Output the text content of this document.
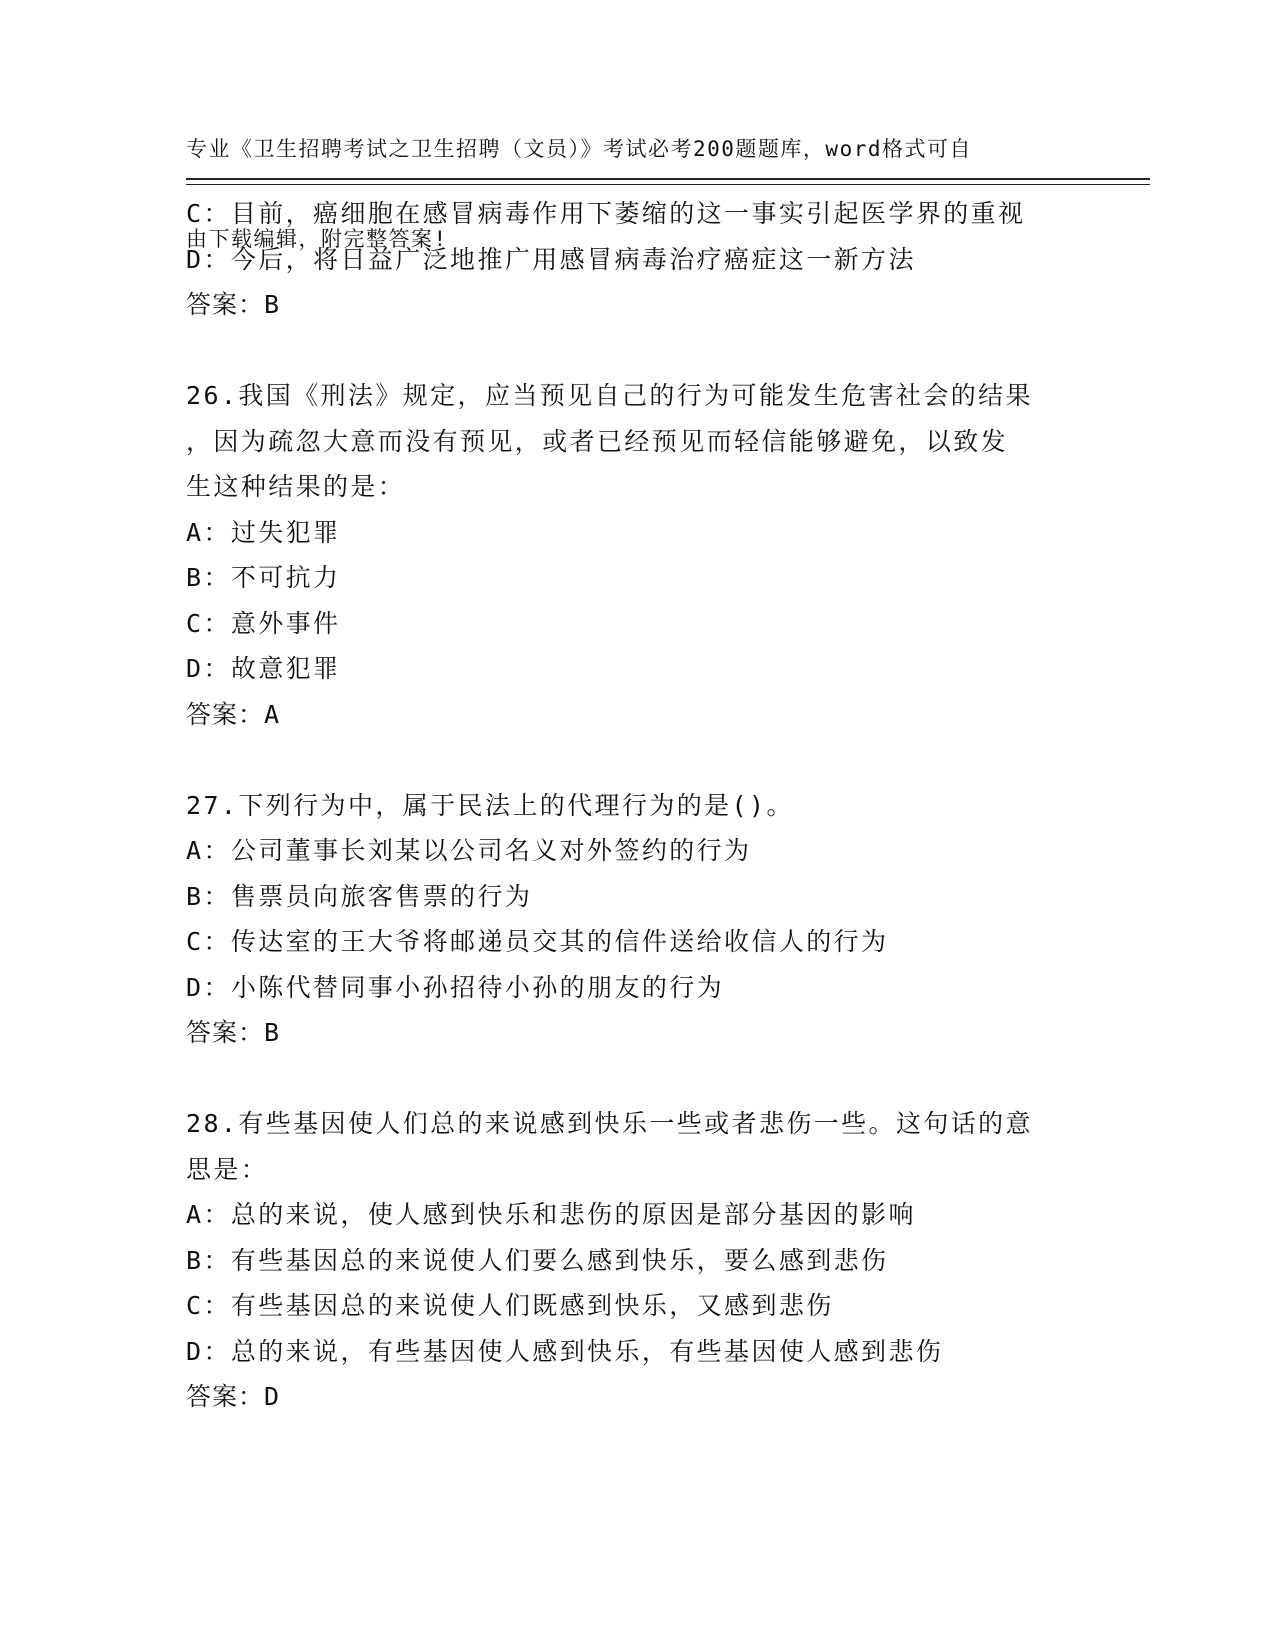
专业《卫生招聘考试之卫生招聘（文员）》考试必考200题题库，word格式可自

由下载编辑，附完整答案!

C：目前，癌细胞在感冒病毒作用下萎缩的这一事实引起医学界的重视
D：今后，将日益广泛地推广用感冒病毒治疗癌症这一新方法
答案：B
26.我国《刑法》规定，应当预见自己的行为可能发生危害社会的结果
，因为疏忽大意而没有预见，或者已经预见而轻信能够避免，以致发
生这种结果的是：
A：过失犯罪
B：不可抗力
C：意外事件
D：故意犯罪
答案：A
27.下列行为中，属于民法上的代理行为的是()。
A：公司董事长刘某以公司名义对外签约的行为
B：售票员向旅客售票的行为
C：传达室的王大爷将邮递员交其的信件送给收信人的行为
D：小陈代替同事小孙招待小孙的朋友的行为
答案：B
28.有些基因使人们总的来说感到快乐一些或者悲伤一些。这句话的意
思是：
A：总的来说，使人感到快乐和悲伤的原因是部分基因的影响
B：有些基因总的来说使人们要么感到快乐，要么感到悲伤
C：有些基因总的来说使人们既感到快乐，又感到悲伤
D：总的来说，有些基因使人感到快乐，有些基因使人感到悲伤
答案：D
